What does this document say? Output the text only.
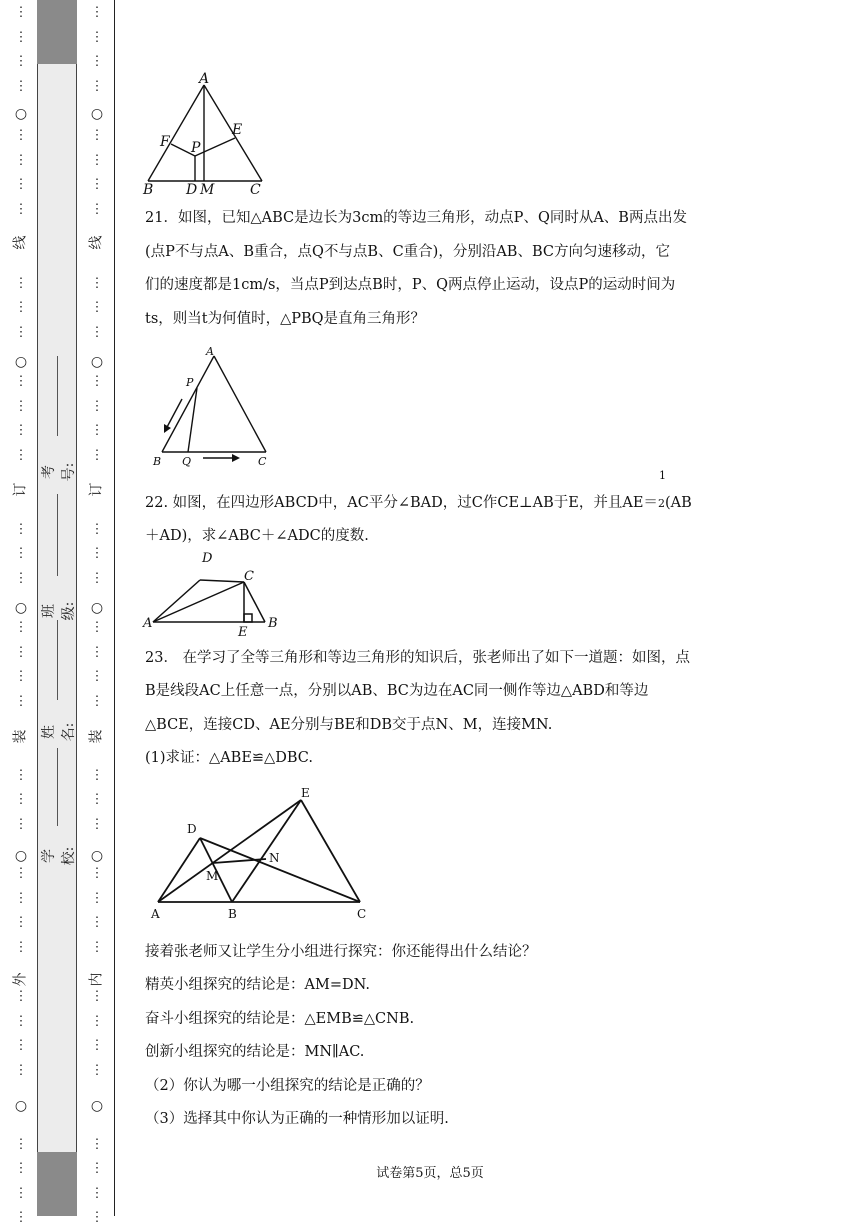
⋮
⋮
⋮
⋮
⋮
⋮
⋮
⋮
⋮
⋮
⋮
⋮
⋮
⋮
⋮
⋮
⋮
⋮
⋮
⋮
⋮
⋮
⋮
⋮
⋮
⋮
⋮
⋮
⋮
⋮
⋮
⋮
⋮
⋮
⋮
⋮
⋮
○
○
○
○
○
线
订
装
外
⋮
⋮
⋮
⋮
⋮
⋮
⋮
⋮
⋮
⋮
⋮
⋮
⋮
⋮
⋮
⋮
⋮
⋮
⋮
⋮
⋮
⋮
⋮
⋮
⋮
⋮
⋮
⋮
⋮
⋮
⋮
⋮
⋮
⋮
⋮
⋮
⋮
○
○
○
○
○
线
订
装
内
考号:
班级:
姓名:
学校:
A
F
E
P
B D M	C
21．如图，已知△ABC是边长为3cm的等边三角形，动点P、Q同时从A、B两点出发
(点P不与点A、B重合，点Q不与点B、C重合)，分别沿AB、BC方向匀速移动，它
们的速度都是1cm/s，当点P到达点B时，P、Q两点停止运动，设点P的运动时间为
ts，则当t为何值时，△PBQ是直角三角形？
A
P
B Q	C
22. 如图，在四边形ABCD中，AC平分∠BAD，过C作CE⊥AB于E，并且AE＝
1
2(AB
＋AD)，求∠ABC＋∠ADC的度数.
D
C
A
E
B
23． 在学习了全等三角形和等边三角形的知识后，张老师出了如下一道题：如图，点
B是线段AC上任意一点，分别以AB、BC为边在AC同一侧作等边△ABD和等边
△BCE，连接CD、AE分别与BE和DB交于点N、M，连接MN.
(1)求证：△ABE≌△DBC.
E
D
N
M
A	B	C
接着张老师又让学生分小组进行探究：你还能得出什么结论？
精英小组探究的结论是：AM=DN.
奋斗小组探究的结论是：△EMB≌△CNB.
创新小组探究的结论是：MN∥AC.
（2）你认为哪一小组探究的结论是正确的？
（3）选择其中你认为正确的一种情形加以证明.
试卷第5页，总5页
